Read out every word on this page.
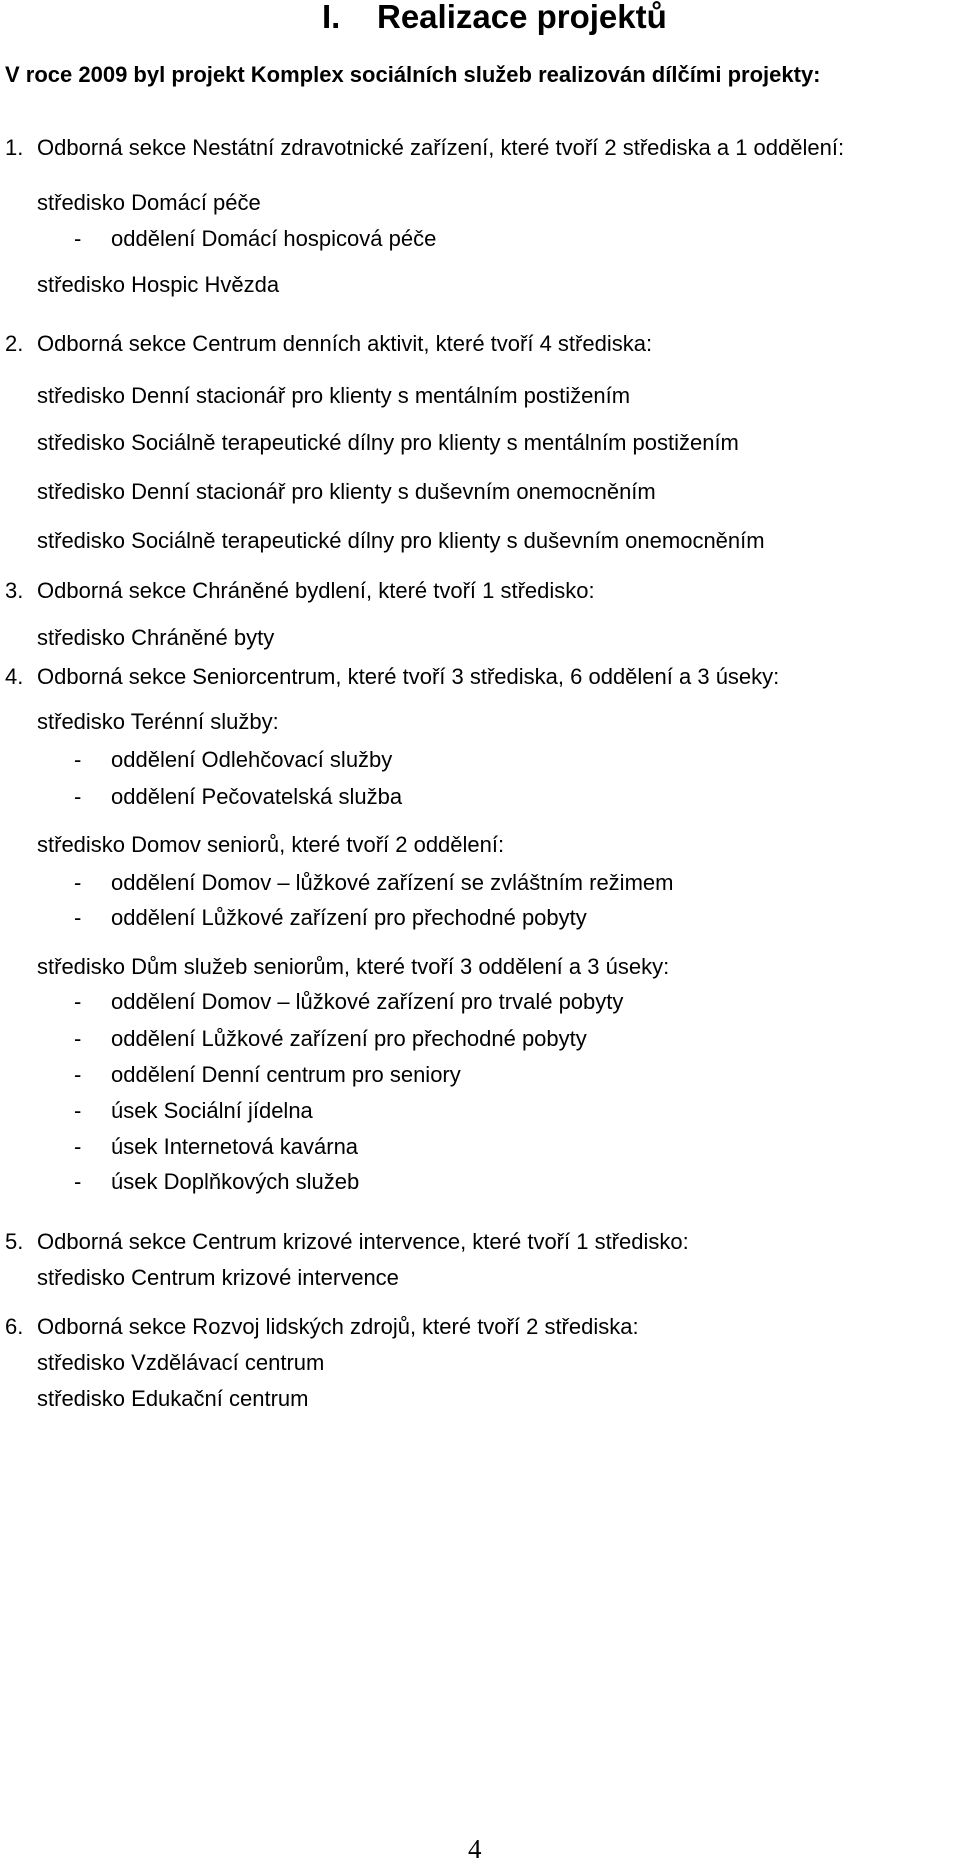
I. Realizace projektů
V roce 2009 byl projekt Komplex sociálních služeb realizován dílčími projekty:
1. Odborná sekce Nestátní zdravotnické zařízení, které tvoří 2 střediska a 1 oddělení:
středisko Domácí péče
- oddělení Domácí hospicová péče
středisko Hospic Hvězda
2. Odborná sekce Centrum denních aktivit, které tvoří 4 střediska:
středisko Denní stacionář pro klienty s mentálním postižením
středisko Sociálně terapeutické dílny pro klienty s mentálním postižením
středisko Denní stacionář pro klienty s duševním onemocněním
středisko Sociálně terapeutické dílny pro klienty s duševním onemocněním
3. Odborná sekce Chráněné bydlení, které tvoří 1 středisko:
středisko Chráněné byty
4. Odborná sekce Seniorcentrum, které tvoří 3 střediska, 6 oddělení a 3 úseky:
středisko Terénní služby:
- oddělení Odlehčovací služby
- oddělení Pečovatelská služba
středisko Domov seniorů, které tvoří 2 oddělení:
- oddělení Domov – lůžkové zařízení se zvláštním režimem
- oddělení Lůžkové zařízení pro přechodné pobyty
středisko Dům služeb seniorům, které tvoří 3 oddělení a 3 úseky:
- oddělení Domov – lůžkové zařízení pro trvalé pobyty
- oddělení Lůžkové zařízení pro přechodné pobyty
- oddělení Denní centrum pro seniory
- úsek Sociální jídelna
- úsek Internetová kavárna
- úsek Doplňkových služeb
5. Odborná sekce Centrum krizové intervence, které tvoří 1 středisko:
středisko Centrum krizové intervence
6. Odborná sekce Rozvoj lidských zdrojů, které tvoří 2 střediska:
středisko Vzdělávací centrum
středisko Edukační centrum
4
